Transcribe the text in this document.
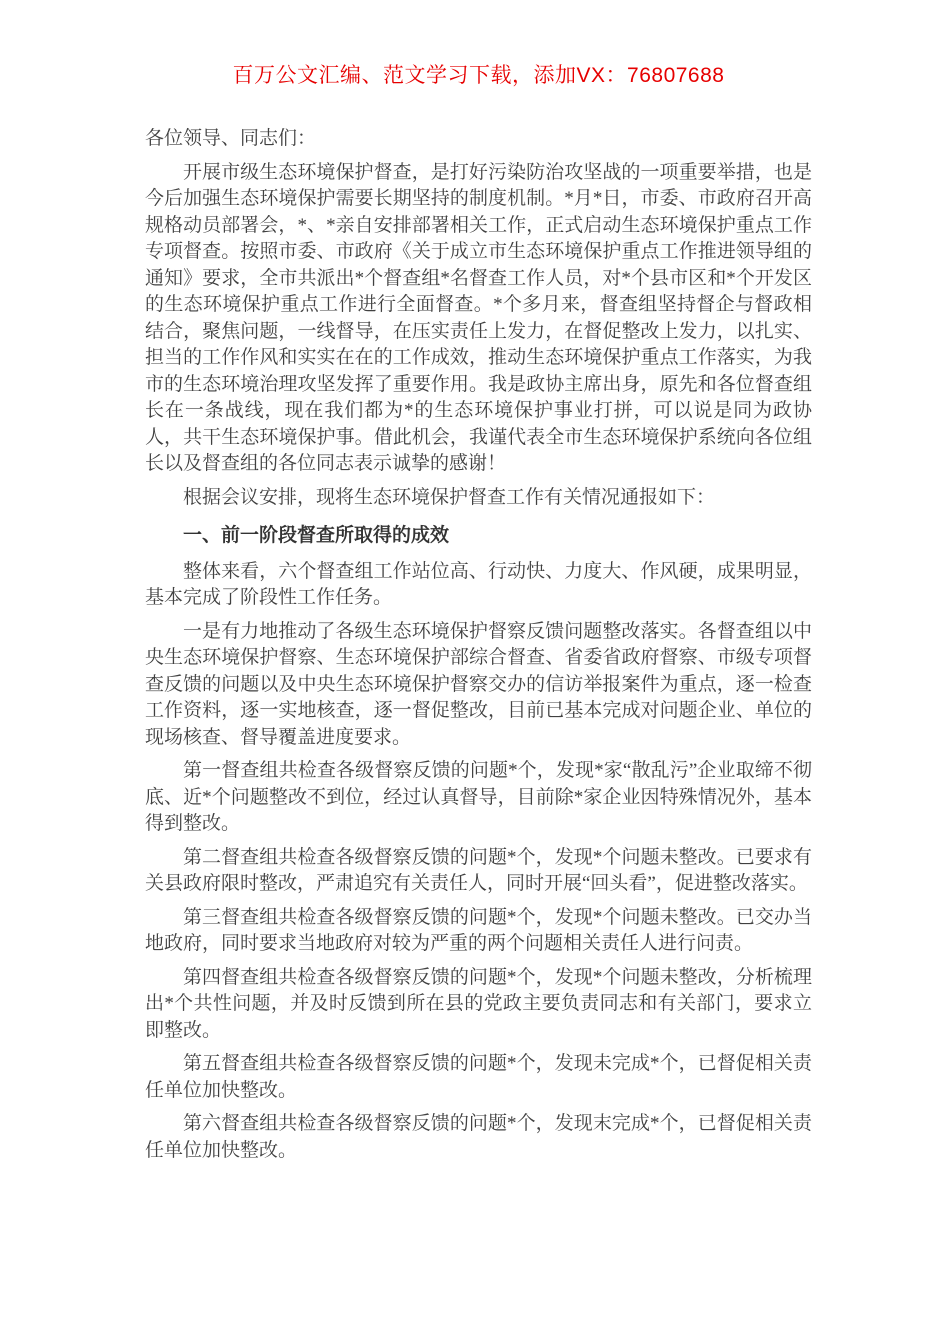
百万公文汇编、范文学习下载，添加VX：76807688

各位领导、同志们：

开展市级生态环境保护督查，是打好污染防治攻坚战的一项重要举措，也是今后加强生态环境保护需要长期坚持的制度机制。*月*日，市委、市政府召开高规格动员部署会，*、*亲自安排部署相关工作，正式启动生态环境保护重点工作专项督查。按照市委、市政府《关于成立市生态环境保护重点工作推进领导组的通知》要求，全市共派出*个督查组*名督查工作人员，对*个县市区和*个开发区的生态环境保护重点工作进行全面督查。*个多月来，督查组坚持督企与督政相结合，聚焦问题，一线督导，在压实责任上发力，在督促整改上发力，以扎实、担当的工作作风和实实在在的工作成效，推动生态环境保护重点工作落实，为我市的生态环境治理攻坚发挥了重要作用。我是政协主席出身，原先和各位督查组长在一条战线，现在我们都为*的生态环境保护事业打拼，可以说是同为政协人，共干生态环境保护事。借此机会，我谨代表全市生态环境保护系统向各位组长以及督查组的各位同志表示诚挚的感谢！

根据会议安排，现将生态环境保护督查工作有关情况通报如下：

一、前一阶段督查所取得的成效

整体来看，六个督查组工作站位高、行动快、力度大、作风硬，成果明显，基本完成了阶段性工作任务。

一是有力地推动了各级生态环境保护督察反馈问题整改落实。各督查组以中央生态环境保护督察、生态环境保护部综合督查、省委省政府督察、市级专项督查反馈的问题以及中央生态环境保护督察交办的信访举报案件为重点，逐一检查工作资料，逐一实地核查，逐一督促整改，目前已基本完成对问题企业、单位的现场核查、督导覆盖进度要求。

第一督查组共检查各级督察反馈的问题*个，发现*家“散乱污”企业取缔不彻底、近*个问题整改不到位，经过认真督导，目前除*家企业因特殊情况外，基本得到整改。

第二督查组共检查各级督察反馈的问题*个，发现*个问题未整改。已要求有关县政府限时整改，严肃追究有关责任人，同时开展“回头看”，促进整改落实。

第三督查组共检查各级督察反馈的问题*个，发现*个问题未整改。已交办当地政府，同时要求当地政府对较为严重的两个问题相关责任人进行问责。

第四督查组共检查各级督察反馈的问题*个，发现*个问题未整改，分析梳理出*个共性问题，并及时反馈到所在县的党政主要负责同志和有关部门，要求立即整改。

第五督查组共检查各级督察反馈的问题*个，发现未完成*个，已督促相关责任单位加快整改。

第六督查组共检查各级督察反馈的问题*个，发现末完成*个，已督促相关责任单位加快整改。
